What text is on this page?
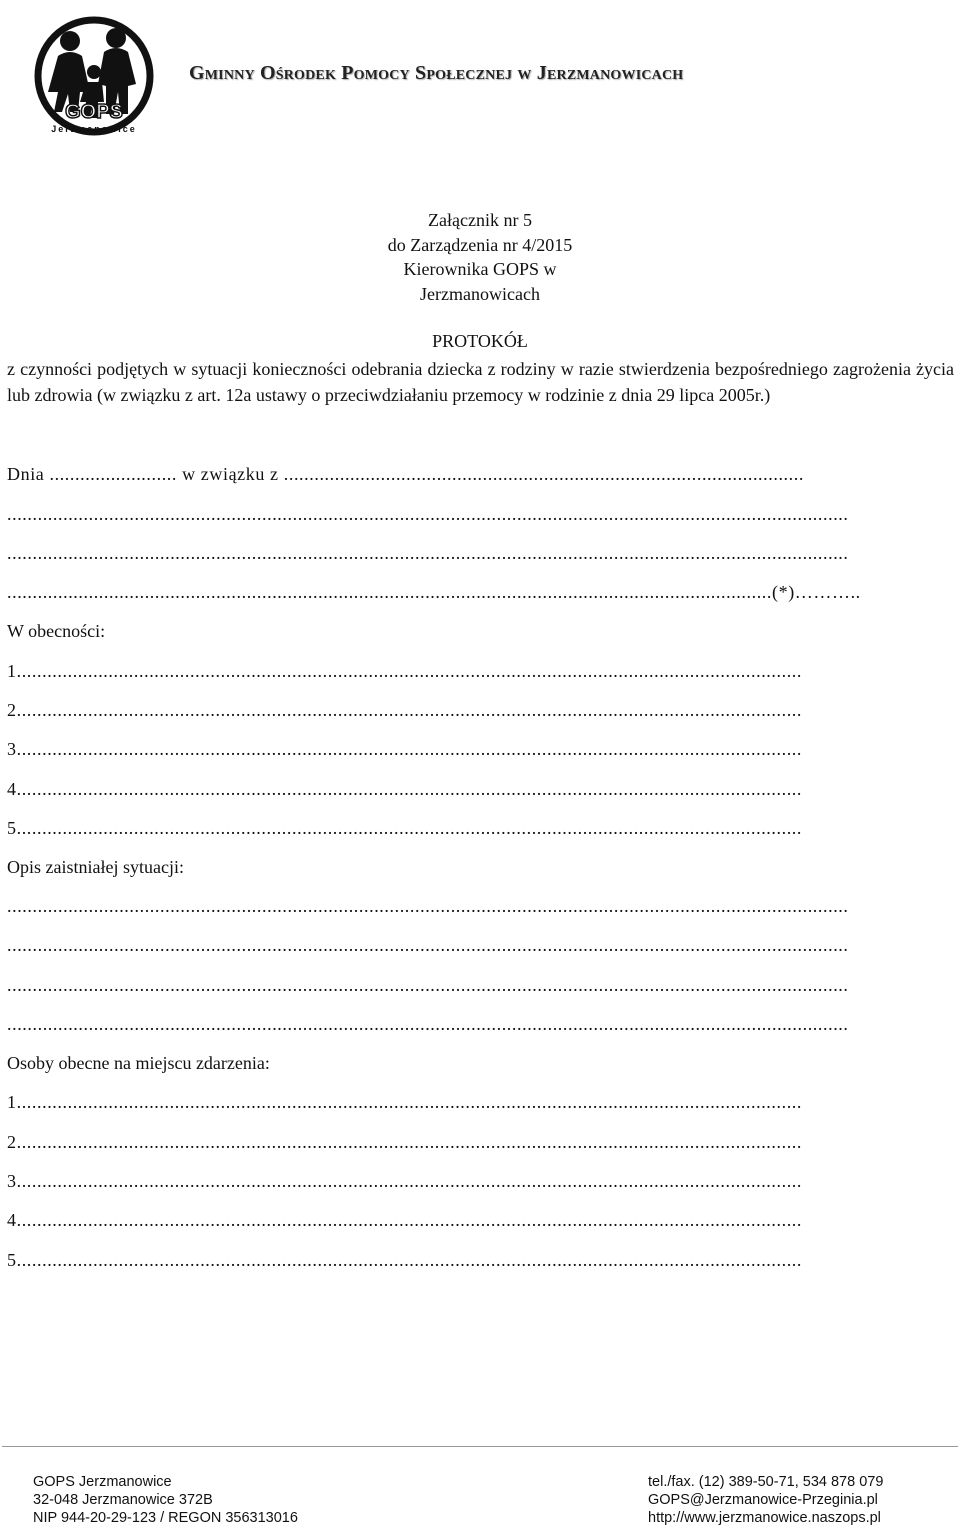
GOPS
Jerzmanowice
Gminny Ośrodek Pomocy Społecznej w Jerzmanowicach
Załącznik nr 5
do Zarządzenia nr 4/2015
Kierownika GOPS w
Jerzmanowicach
PROTOKÓŁ
z czynności podjętych w sytuacji konieczności odebrania dziecka z rodziny w razie stwierdzenia bezpośredniego zagrożenia życia lub zdrowia (w związku z art. 12a ustawy o przeciwdziałaniu przemocy w rodzinie z dnia 29 lipca 2005r.)
Dnia ......................... w związku z ......................................................................................................
.....................................................................................................................................................................
.....................................................................................................................................................................
......................................................................................................................................................(*)………..
W obecności:
1..........................................................................................................................................................
2..........................................................................................................................................................
3..........................................................................................................................................................
4..........................................................................................................................................................
5..........................................................................................................................................................
Opis zaistniałej sytuacji:
.....................................................................................................................................................................
.....................................................................................................................................................................
.....................................................................................................................................................................
.....................................................................................................................................................................
Osoby obecne na miejscu zdarzenia:
1..........................................................................................................................................................
2..........................................................................................................................................................
3..........................................................................................................................................................
4..........................................................................................................................................................
5..........................................................................................................................................................
GOPS Jerzmanowice
32-048 Jerzmanowice 372B
NIP 944-20-29-123 / REGON 356313016
tel./fax. (12) 389-50-71, 534 878 079
GOPS@Jerzmanowice-Przeginia.pl
http://www.jerzmanowice.naszops.pl
